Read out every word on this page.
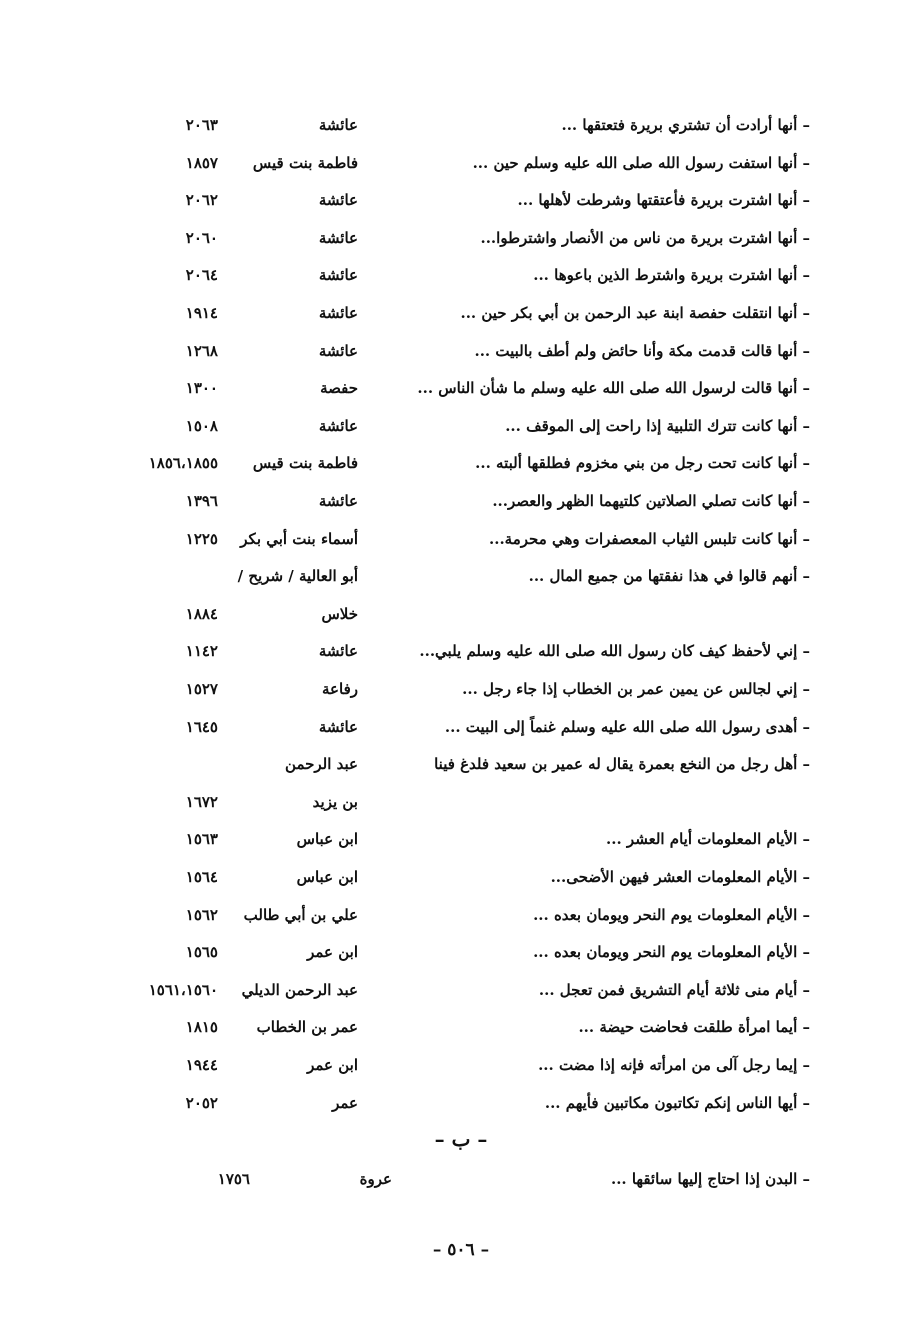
– أنها أرادت أن تشتري بريرة فتعتقها ...
عائشة
٢٠٦٣
– أنها استفت رسول الله صلى الله عليه وسلم حين ...
فاطمة بنت قيس
١٨٥٧
– أنها اشترت بريرة فأعتقتها وشرطت لأهلها ...
عائشة
٢٠٦٢
– أنها اشترت بريرة من ناس من الأنصار واشترطوا...
عائشة
٢٠٦٠
– أنها اشترت بريرة واشترط الذين باعوها ...
عائشة
٢٠٦٤
– أنها انتقلت حفصة ابنة عبد الرحمن بن أبي بكر حين ...
عائشة
١٩١٤
– أنها قالت قدمت مكة وأنا حائض ولم أطف بالبيت ...
عائشة
١٢٦٨
– أنها قالت لرسول الله صلى الله عليه وسلم ما شأن الناس ...
حفصة
١٣٠٠
– أنها كانت تترك التلبية إذا راحت إلى الموقف ...
عائشة
١٥٠٨
– أنها كانت تحت رجل من بني مخزوم فطلقها ألبته ...
فاطمة بنت قيس
١٨٥٦،١٨٥٥
– أنها كانت تصلي الصلاتين كلتيهما الظهر والعصر...
عائشة
١٣٩٦
– أنها كانت تلبس الثياب المعصفرات وهي محرمة...
أسماء بنت أبي بكر
١٢٢٥
– أنهم قالوا في هذا نفقتها من جميع المال ...
أبو العالية / شريح /
خلاس
١٨٨٤
– إني لأحفظ كيف كان رسول الله صلى الله عليه وسلم يلبي...
عائشة
١١٤٢
– إني لجالس عن يمين عمر بن الخطاب إذا جاء رجل ...
رفاعة
١٥٢٧
– أهدى رسول الله صلى الله عليه وسلم غنماً إلى البيت ...
عائشة
١٦٤٥
– أهل رجل من النخع بعمرة يقال له عمير بن سعيد فلدغ فينا
عبد الرحمن
بن يزيد
١٦٧٢
– الأيام المعلومات أيام العشر ...
ابن عباس
١٥٦٣
– الأيام المعلومات العشر فيهن الأضحى...
ابن عباس
١٥٦٤
– الأيام المعلومات يوم النحر ويومان بعده ...
علي بن أبي طالب
١٥٦٢
– الأيام المعلومات يوم النحر ويومان بعده ...
ابن عمر
١٥٦٥
– أيام منى ثلاثة أيام التشريق فمن تعجل ...
عبد الرحمن الديلي
١٥٦١،١٥٦٠
– أيما امرأة طلقت فحاضت حيضة ...
عمر بن الخطاب
١٨١٥
– إيما رجل آلى من امرأته فإنه إذا مضت ...
ابن عمر
١٩٤٤
– أيها الناس إنكم تكاتبون مكاتبين فأيهم ...
عمر
٢٠٥٢
– ب –
– البدن إذا احتاج إليها سائقها ...
عروة
١٧٥٦
– ٥٠٦ –
